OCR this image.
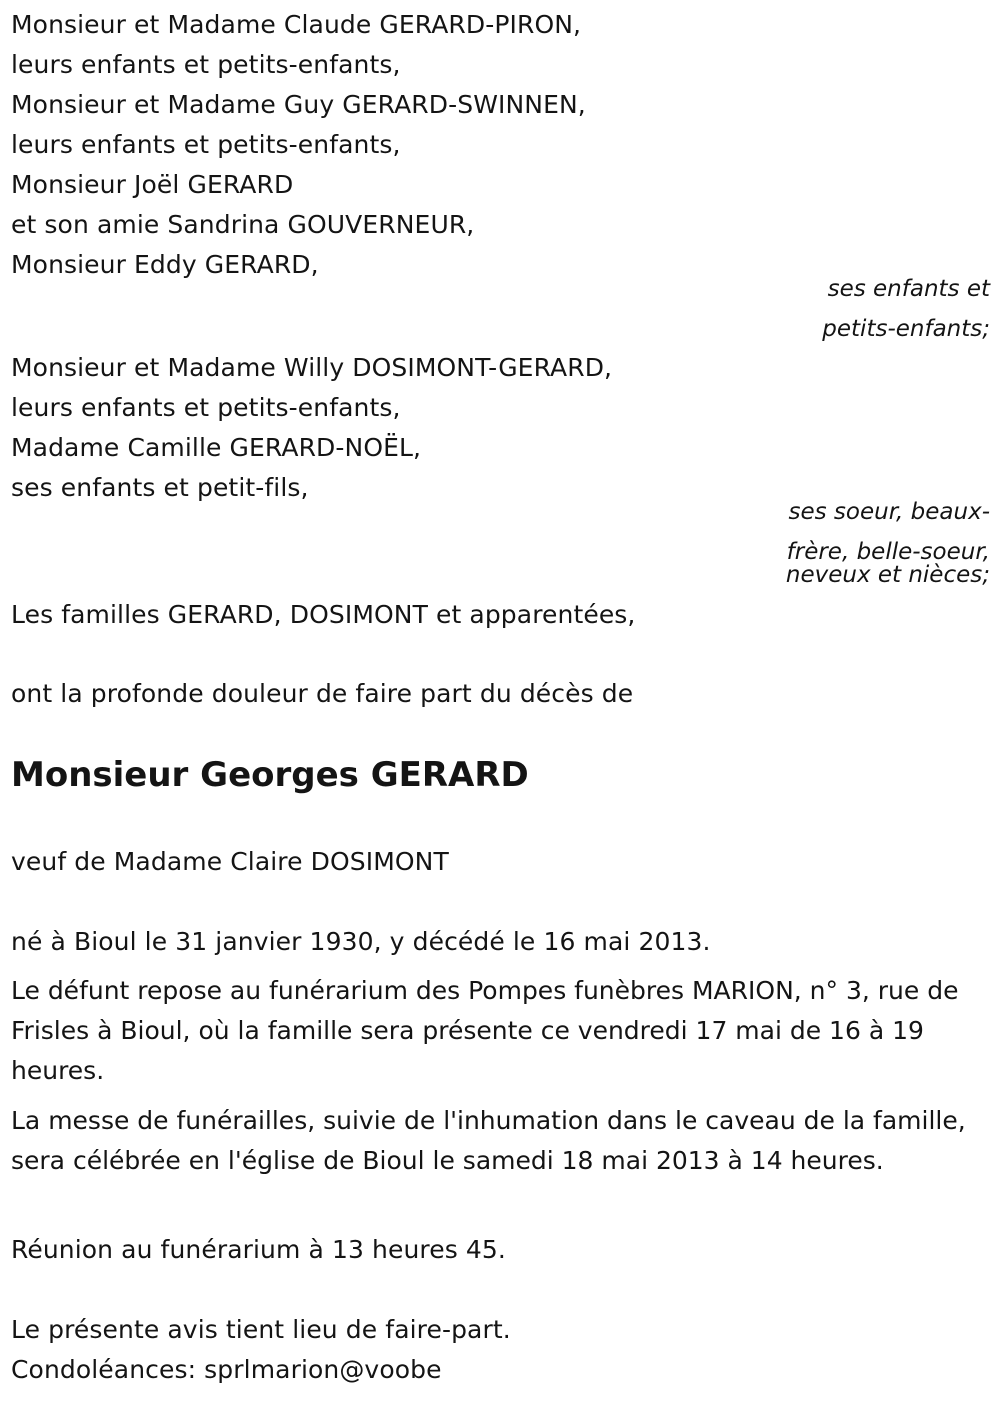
Monsieur et Madame Claude GERARD-PIRON,
leurs enfants et petits-enfants,
Monsieur et Madame Guy GERARD-SWINNEN,
leurs enfants et petits-enfants,
Monsieur Joël GERARD
et son amie Sandrina GOUVERNEUR,
Monsieur Eddy GERARD,
ses enfants et
petits-enfants;
Monsieur et Madame Willy DOSIMONT-GERARD,
leurs enfants et petits-enfants,
Madame Camille GERARD-NOËL,
ses enfants et petit-fils,
ses soeur, beaux-
frère, belle-soeur,
neveux et nièces;
Les familles GERARD, DOSIMONT et apparentées,
ont la profonde douleur de faire part du décès de
Monsieur Georges GERARD
veuf de Madame Claire DOSIMONT
né à Bioul le 31 janvier 1930, y décédé le 16 mai 2013.
Le défunt repose au funérarium des Pompes funèbres MARION, n° 3, rue de Frisles à Bioul, où la famille sera présente ce vendredi 17 mai de 16 à 19 heures.
La messe de funérailles, suivie de l'inhumation dans le caveau de la famille, sera célébrée en l'église de Bioul le samedi 18 mai 2013 à 14 heures.
Réunion au funérarium à 13 heures 45.
Le présente avis tient lieu de faire-part.
Condoléances: sprlmarion@voobe
